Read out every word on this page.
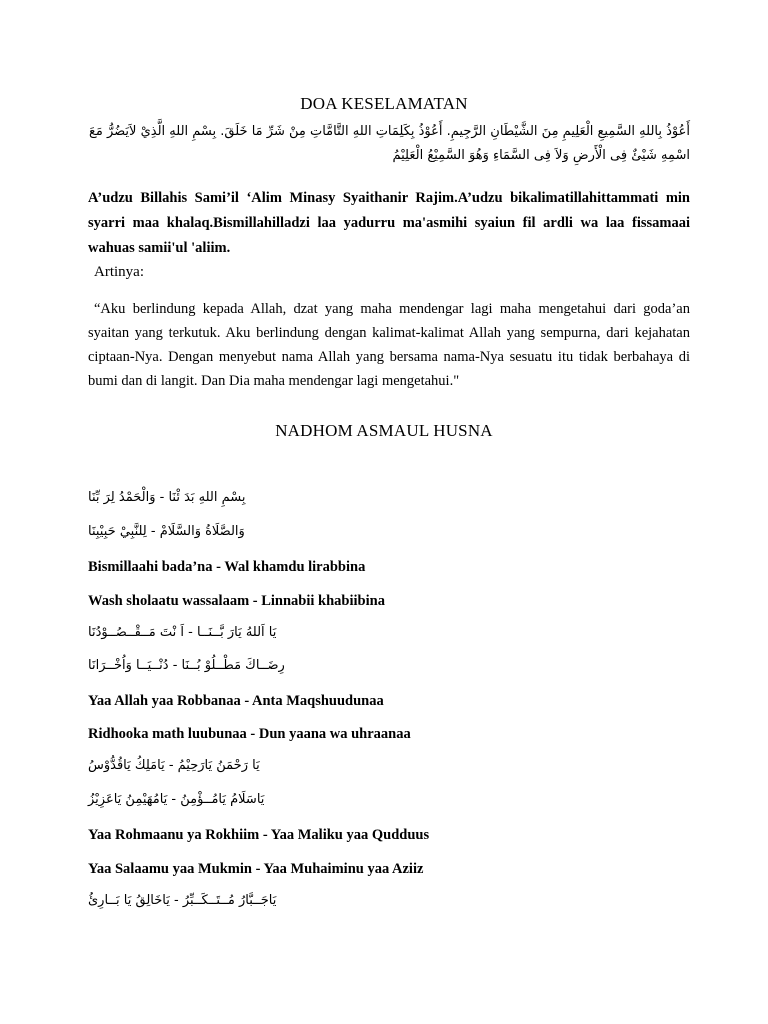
DOA KESELAMATAN
أَعُوْذُ بِاللهِ السَّمِيعِ الْعَلِيمِ مِنَ الشَّيْطَانِ الرَّجِيمِ. أَعُوْذُ بِكَلِمَاتِ اللهِ التَّامَّاتِ مِنْ شَرِّ مَا خَلَقَ. بِسْمِ اللهِ الَّذِيْ لاَيَضُرُّ مَعَ اسْمِهِ شَيْئٌ فِى الْأَرضِ وَلاَ فِى السَّمَاءِ وَهُوَ السَّمِيْعُ الْعَلِيْمُ
A’udzu Billahis Sami’il ‘Alim Minasy Syaithanir Rajim.A’udzu bikalimatillahittammati min syarri maa khalaq.Bismillahilladzi laa yadurru ma'asmihi syaiun fil ardli wa laa fissamaai wahuas samii'ul 'aliim.
Artinya:
“Aku berlindung kepada Allah, dzat yang maha mendengar lagi maha mengetahui dari goda’an syaitan yang terkutuk. Aku berlindung dengan kalimat-kalimat Allah yang sempurna, dari kejahatan ciptaan-Nya. Dengan menyebut nama Allah yang bersama nama-Nya sesuatu itu tidak berbahaya di bumi dan di langit. Dan Dia maha mendengar lagi mengetahui."
NADHOM ASMAUL HUSNA
بِسْمِ اللهِ بَدَ ئْنَا - وَالْحَمْدُ لِرَ بِّنَا
وَالصَّلَاةُ وَالسَّلَامْ - لِلنَّبِيْ حَبِيْبِنَا
Bismillaahi bada’na - Wal khamdu lirabbina
Wash sholaatu wassalaam - Linnabii khabiibina
يَا اَللهُ يَارَ بَّــنَــا - اَ نْتَ مَــقْــصُــوْدُنَا
رِضَــاكَ مَطْــلُوْ بُــنَا - دُنْــيَــا وَاُخْــرَانَا
Yaa Allah yaa Robbanaa - Anta Maqshuudunaa
Ridhooka math luubunaa - Dun yaana wa uhraanaa
يَا رَحْمَنُ يَارَحِيْمُ - يَامَلِكُ يَاقُدُّوْسُ
يَاسَلَامُ يَامُــؤْمِنُ - يَامُهَيْمِنُ يَاعَزِيْزُ
Yaa Rohmaanu ya Rokhiim - Yaa Maliku yaa Qudduus
Yaa Salaamu yaa Mukmin - Yaa Muhaiminu yaa Aziiz
يَاجَــبَّارُ مُــتَــكَــبِّرُ - يَاخَالِقُ يَا بَــارِئُ
